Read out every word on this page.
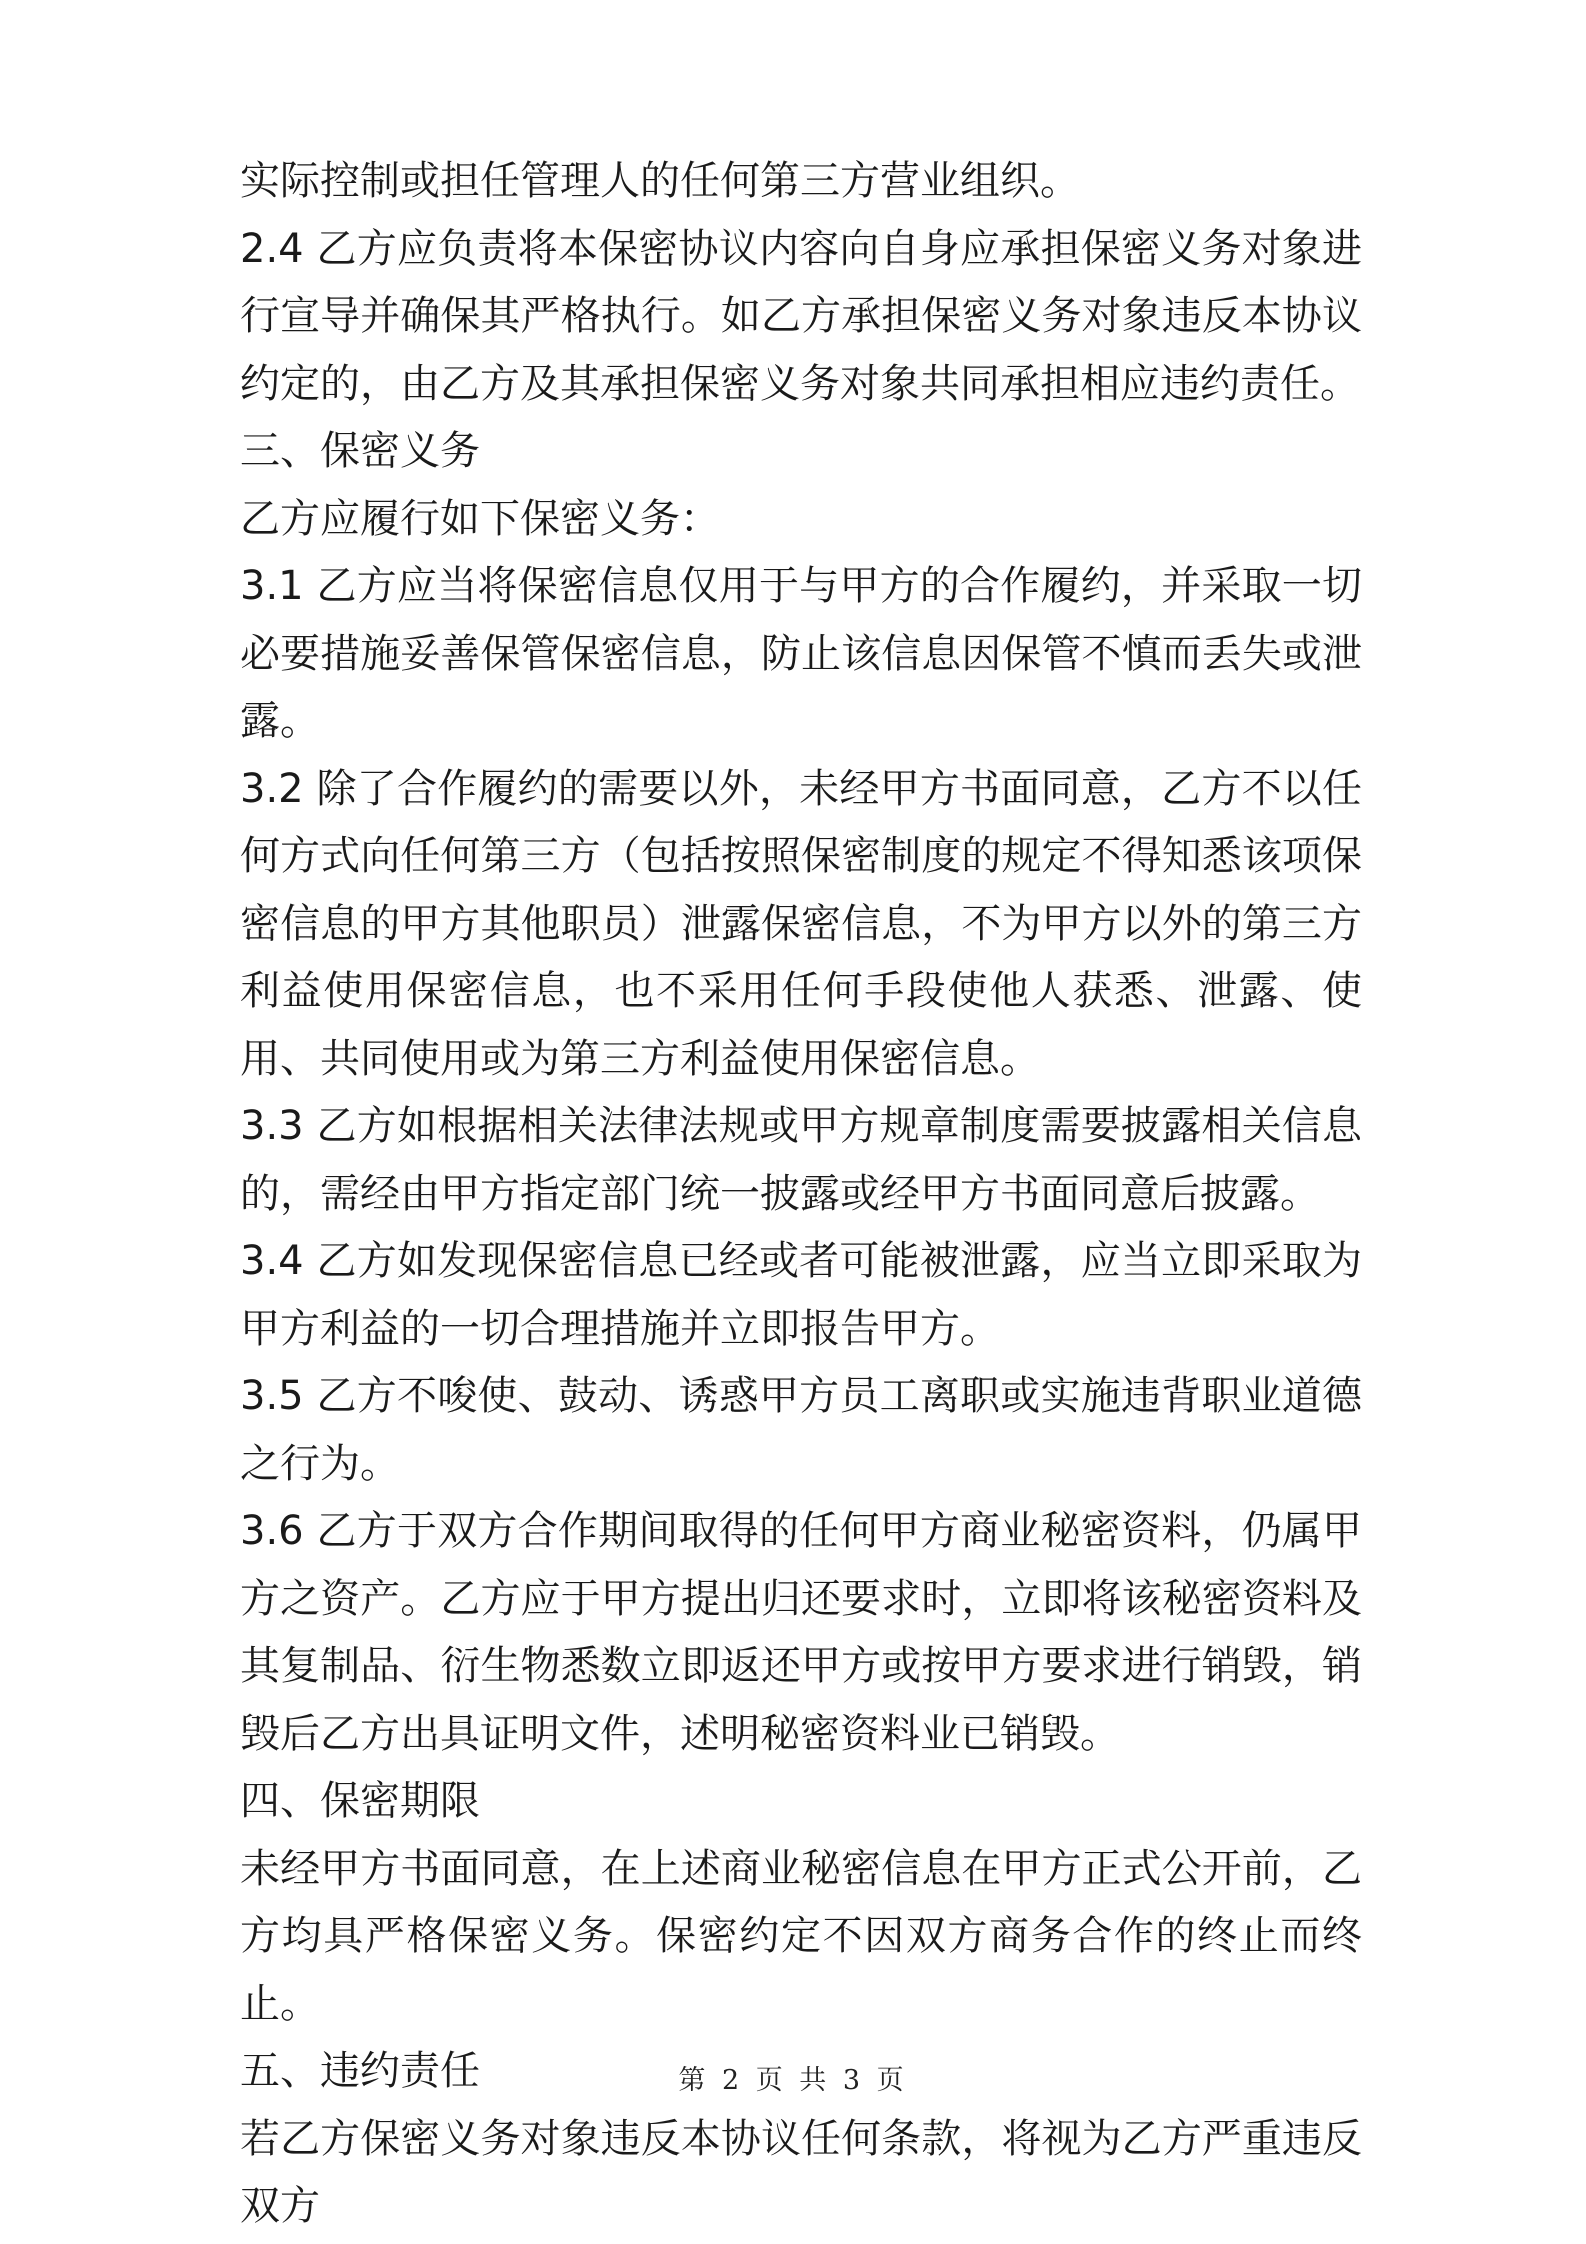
实际控制或担任管理人的任何第三方营业组织。
2.4 乙方应负责将本保密协议内容向自身应承担保密义务对象进行宣导并确保其严格执行。如乙方承担保密义务对象违反本协议约定的，由乙方及其承担保密义务对象共同承担相应违约责任。
三、保密义务
乙方应履行如下保密义务：
3.1 乙方应当将保密信息仅用于与甲方的合作履约，并采取一切必要措施妥善保管保密信息，防止该信息因保管不慎而丢失或泄露。
3.2 除了合作履约的需要以外，未经甲方书面同意，乙方不以任何方式向任何第三方（包括按照保密制度的规定不得知悉该项保密信息的甲方其他职员）泄露保密信息，不为甲方以外的第三方利益使用保密信息，也不采用任何手段使他人获悉、泄露、使用、共同使用或为第三方利益使用保密信息。
3.3 乙方如根据相关法律法规或甲方规章制度需要披露相关信息的，需经由甲方指定部门统一披露或经甲方书面同意后披露。
3.4 乙方如发现保密信息已经或者可能被泄露，应当立即采取为甲方利益的一切合理措施并立即报告甲方。
3.5 乙方不唆使、鼓动、诱惑甲方员工离职或实施违背职业道德之行为。
3.6 乙方于双方合作期间取得的任何甲方商业秘密资料，仍属甲方之资产。乙方应于甲方提出归还要求时，立即将该秘密资料及其复制品、衍生物悉数立即返还甲方或按甲方要求进行销毁，销毁后乙方出具证明文件，述明秘密资料业已销毁。
四、保密期限
未经甲方书面同意，在上述商业秘密信息在甲方正式公开前，乙方均具严格保密义务。保密约定不因双方商务合作的终止而终止。
五、违约责任
若乙方保密义务对象违反本协议任何条款，将视为乙方严重违反双方
第 2 页 共 3 页
